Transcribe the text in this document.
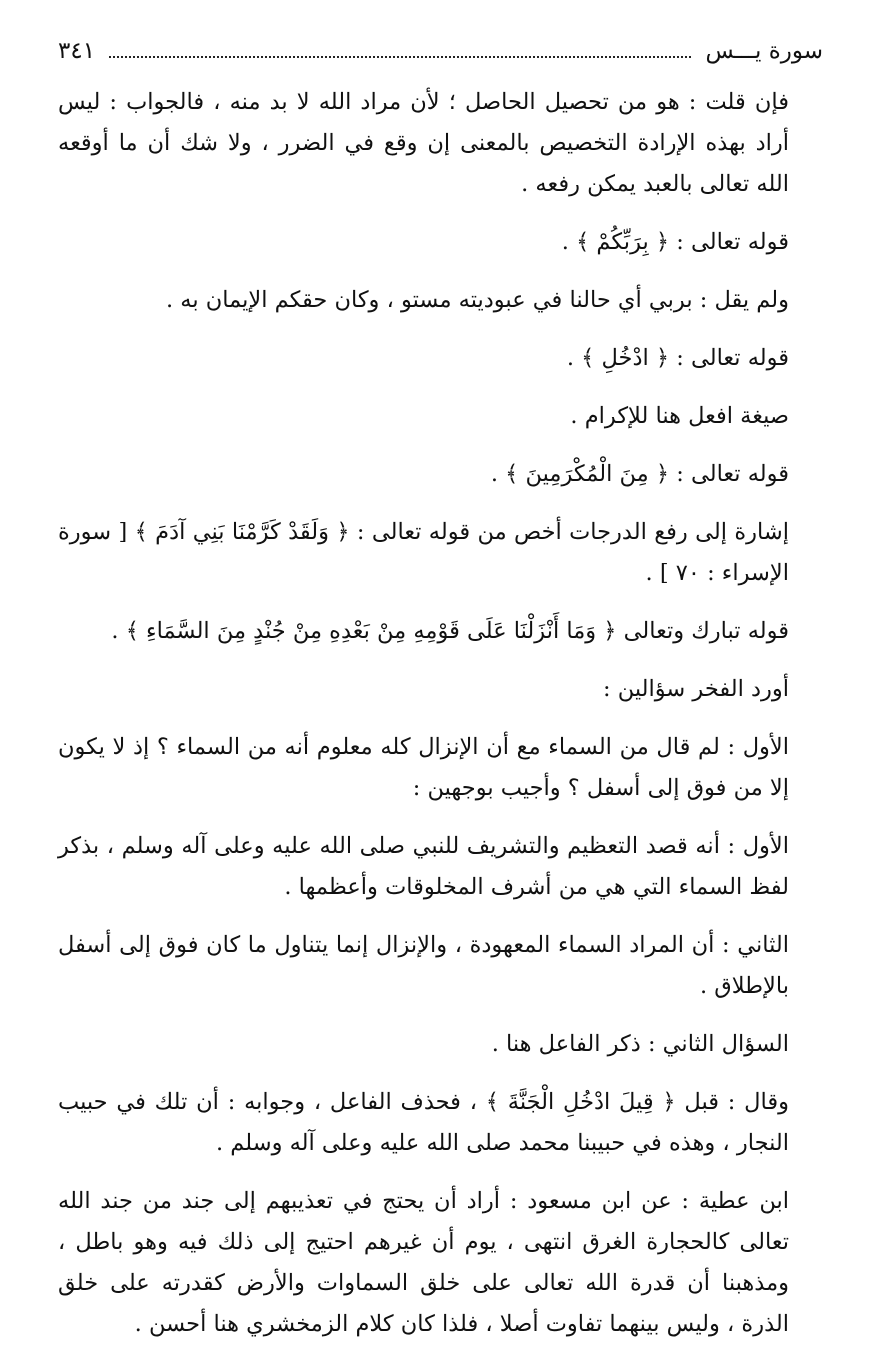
سورة يـــس
٣٤١
فإن قلت : هو من تحصيل الحاصل ؛ لأن مراد الله لا بد منه ، فالجواب : ليس أراد بهذه الإرادة التخصيص بالمعنى إن وقع في الضرر ، ولا شك أن ما أوقعه الله تعالى بالعبد يمكن رفعه .
قوله تعالى : ﴿ بِرَبِّكُمْ ﴾ .
ولم يقل : بربي أي حالنا في عبوديته مستو ، وكان حقكم الإيمان به .
قوله تعالى : ﴿ ادْخُلِ ﴾ .
صيغة افعل هنا للإكرام .
قوله تعالى : ﴿ مِنَ الْمُكْرَمِينَ ﴾ .
إشارة إلى رفع الدرجات أخص من قوله تعالى : ﴿ وَلَقَدْ كَرَّمْنَا بَنِي آدَمَ ﴾ [ سورة الإسراء : ٧٠ ] .
قوله تبارك وتعالى ﴿ وَمَا أَنْزَلْنَا عَلَى قَوْمِهِ مِنْ بَعْدِهِ مِنْ جُنْدٍ مِنَ السَّمَاءِ ﴾ .
أورد الفخر سؤالين :
الأول : لم قال من السماء مع أن الإنزال كله معلوم أنه من السماء ؟ إذ لا يكون إلا من فوق إلى أسفل ؟ وأجيب بوجهين :
الأول : أنه قصد التعظيم والتشريف للنبي صلى الله عليه وعلى آله وسلم ، بذكر لفظ السماء التي هي من أشرف المخلوقات وأعظمها .
الثاني : أن المراد السماء المعهودة ، والإنزال إنما يتناول ما كان فوق إلى أسفل بالإطلاق .
السؤال الثاني : ذكر الفاعل هنا .
وقال : قبل ﴿ قِيلَ ادْخُلِ الْجَنَّةَ ﴾ ، فحذف الفاعل ، وجوابه : أن تلك في حبيب النجار ، وهذه في حبيبنا محمد صلى الله عليه وعلى آله وسلم .
ابن عطية : عن ابن مسعود : أراد أن يحتج في تعذيبهم إلى جند من جند الله تعالى كالحجارة الغرق انتهى ، يوم أن غيرهم احتيج إلى ذلك فيه وهو باطل ، ومذهبنا أن قدرة الله تعالى على خلق السماوات والأرض كقدرته على خلق الذرة ، وليس بينهما تفاوت أصلا ، فلذا كان كلام الزمخشري هنا أحسن .
